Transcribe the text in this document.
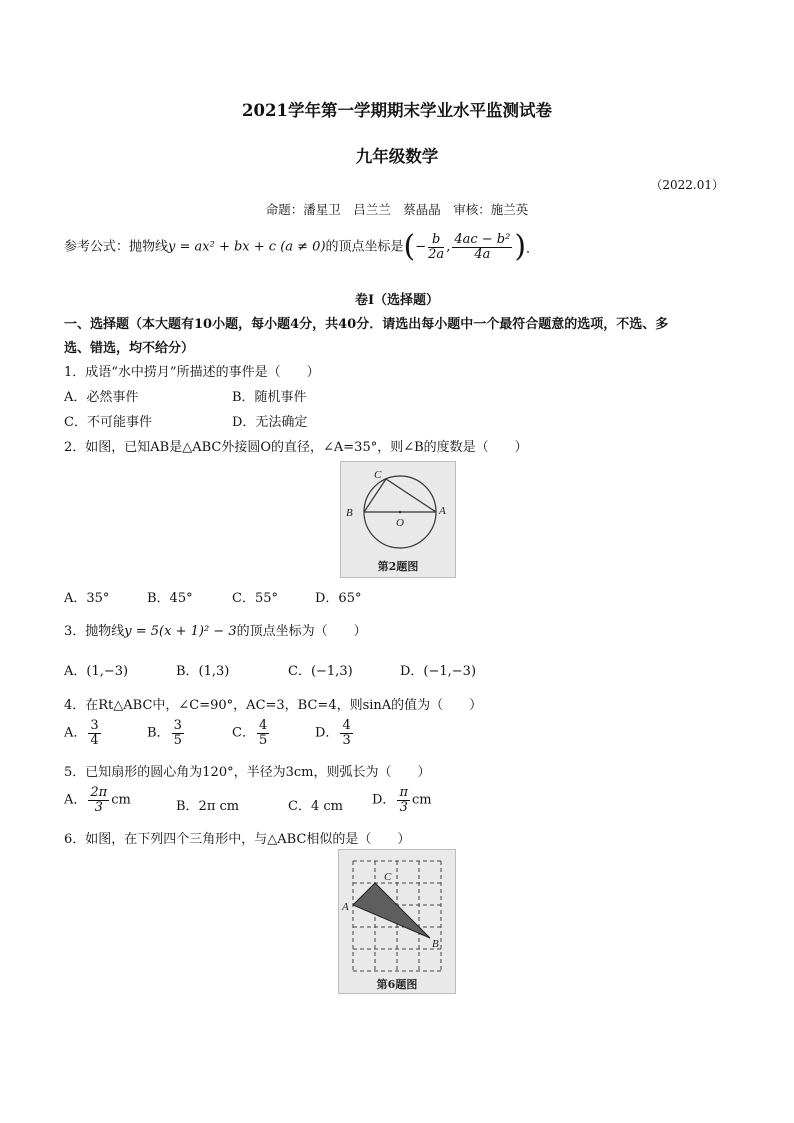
2021学年第一学期期末学业水平监测试卷
九年级数学
（2022.01）
命题：潘星卫　吕兰兰　蔡晶晶　审核：施兰英
参考公式：抛物线y = ax² + bx + c (a ≠ 0)的顶点坐标是(− $\frac{b}{2a}$ , $\frac{\text{4ac − b²}}{4a}$ )．
卷Ⅰ（选择题）
一、选择题（本大题有10小题，每小题4分，共40分．请选出每小题中一个最符合题意的选项，不选、多
选、错选，均不给分）
1．成语“水中捞月”所描述的事件是（　　）
A．必然事件	B．随机事件
C．不可能事件	D．无法确定
2．如图，已知AB是△ABC外接圆O的直径，∠A=35°，则∠B的度数是（　　）
C
B
O
A
第2题图
A．35°	B．45°	C．55°	D．65°
3．抛物线y = 5(x + 1)² − 3的顶点坐标为（　　）
A．(1,−3)	B．(1,3)	C．(−1,3)	D．(−1,−3)
4．在Rt△ABC中，∠C=90°，AC=3，BC=4，则sinA的值为（　　）
A． $\frac{3}{4}$	B． $\frac{3}{5}$	C． $\frac{4}{5}$	D． $\frac{4}{3}$
5．已知扇形的圆心角为120°，半径为3cm，则弧长为（　　）
A． $\frac{2\pi}{3}$ cm	B．2π cm	C．4 cm D． $\frac{\pi}{3}$ cm
6．如图，在下列四个三角形中，与△ABC相似的是（　　）
C
A
B
第6题图
